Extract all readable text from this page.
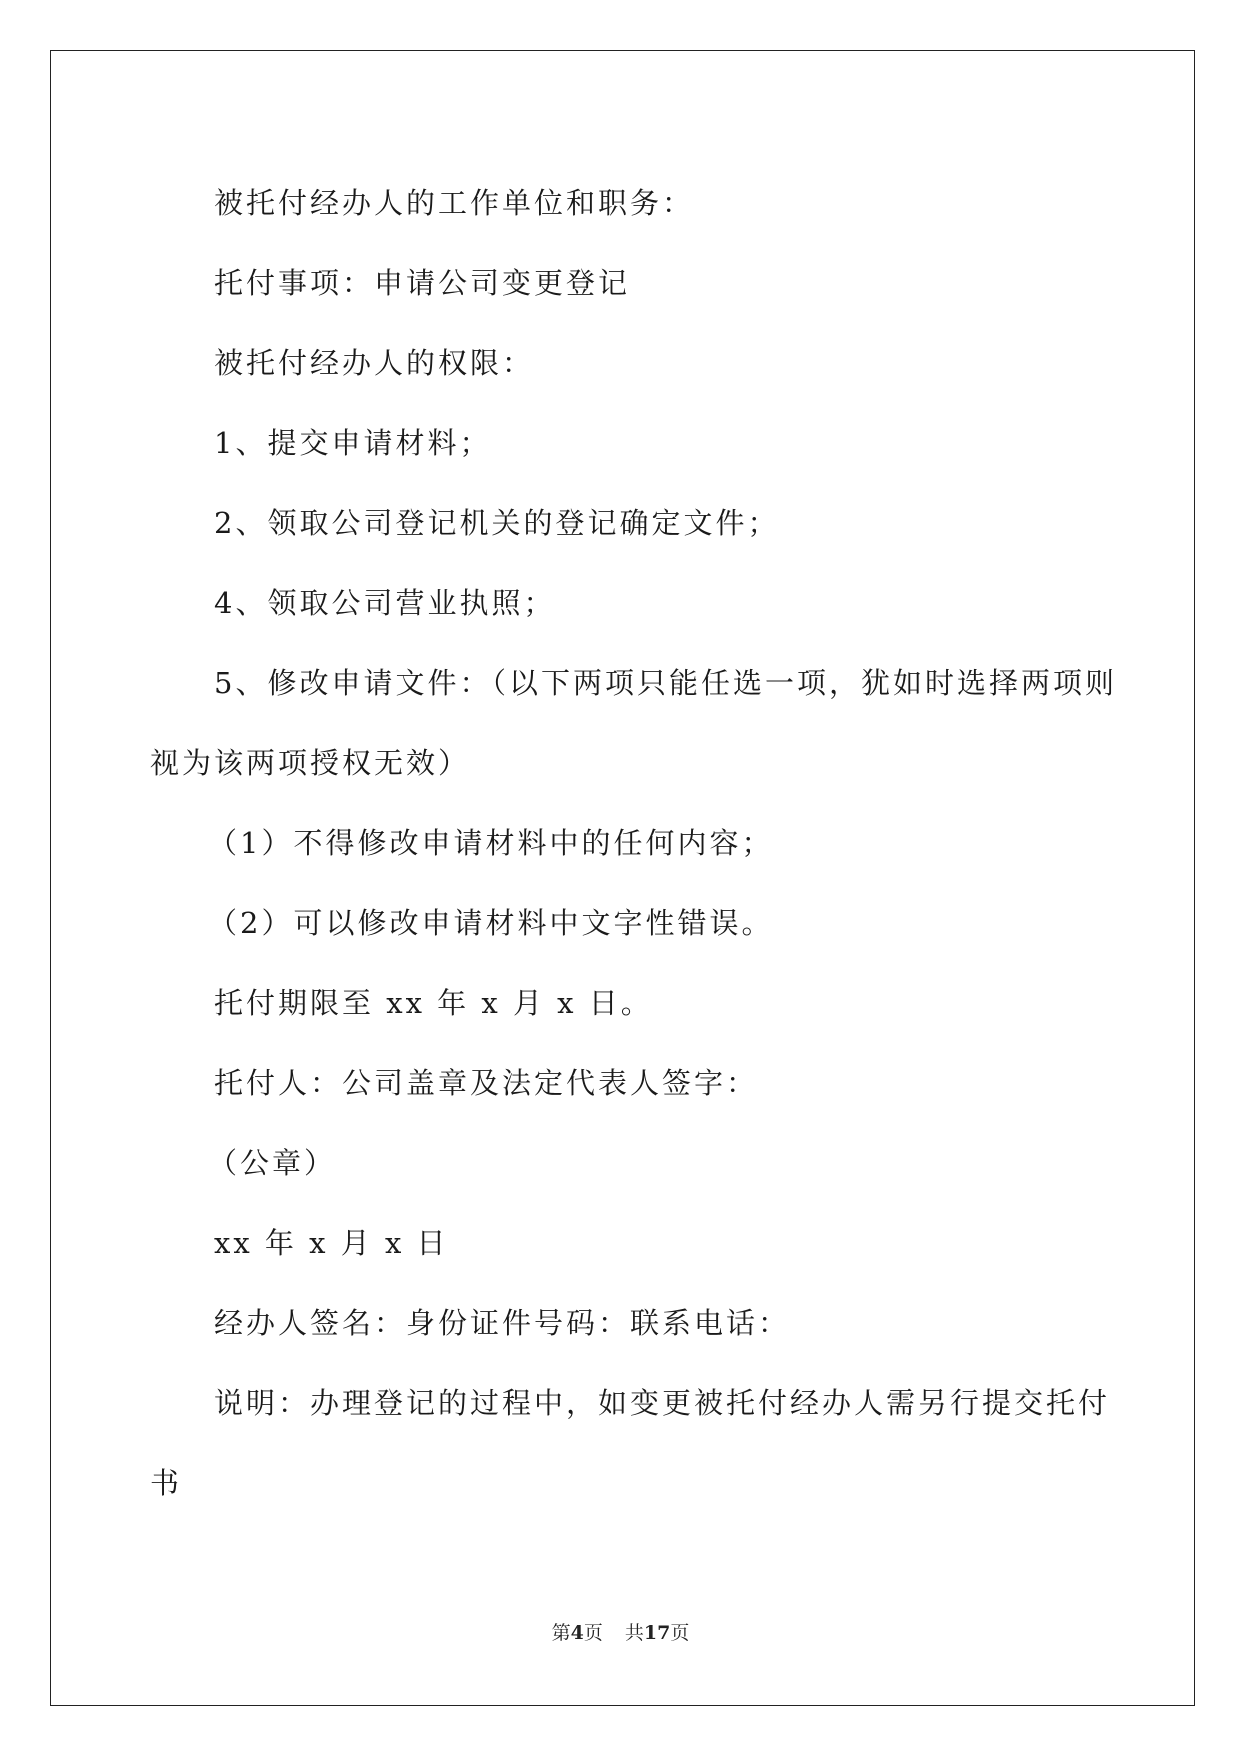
被托付经办人的工作单位和职务：

托付事项：申请公司变更登记

被托付经办人的权限：

1、提交申请材料；

2、领取公司登记机关的登记确定文件；

4、领取公司营业执照；

5、修改申请文件：（以下两项只能任选一项，犹如时选择两项则
视为该两项授权无效）

（1）不得修改申请材料中的任何内容；

（2）可以修改申请材料中文字性错误。

托付期限至 xx 年 x 月 x 日。

托付人：公司盖章及法定代表人签字：

（公章）

xx 年 x 月 x 日

经办人签名：身份证件号码：联系电话：

说明：办理登记的过程中，如变更被托付经办人需另行提交托付
书
第4页 共17页
